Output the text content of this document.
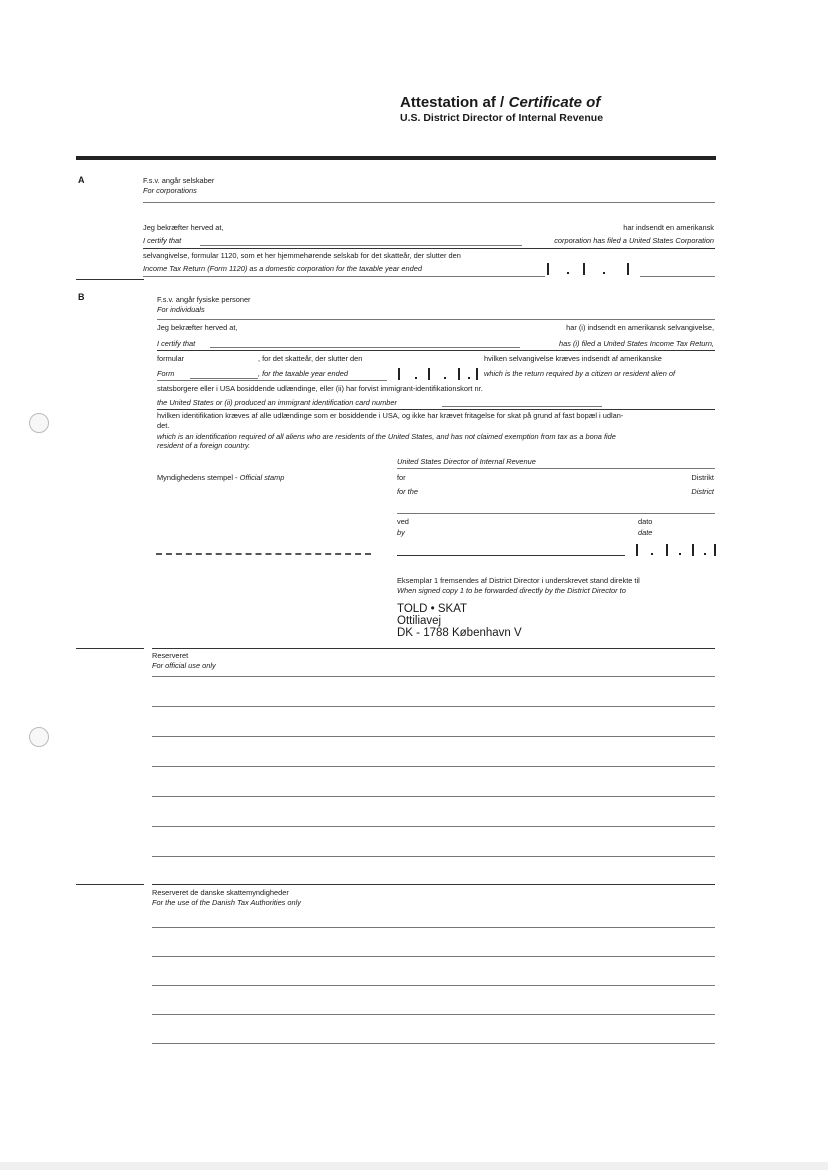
Attestation af / Certificate of
U.S. District Director of Internal Revenue
A	F.s.v. angår selskaber
For corporations
Jeg bekræfter herved at,
I certify that
har indsendt en amerikansk
corporation has filed a United States Corporation
selvangivelse, formular 1120, som et her hjemmehørende selskab for det skatteår, der slutter den
Income Tax Return (Form 1120) as a domestic corporation for the taxable year ended
B	F.s.v. angår fysiske personer
For individuals
Jeg bekræfter herved at,
I certify that
har (i) indsendt en amerikansk selvangivelse,
has (i) filed a United States Income Tax Return,
formular
Form
, for det skatteår, der slutter den
, for the taxable year ended
hvilken selvangivelse kræves indsendt af amerikanske
which is the return required by a citizen or resident alien of
statsborgere eller i USA bosiddende udlændinge, eller (ii) har forvist immigrant-identifikationskort nr.
the United States or (ii) produced an immigrant identification card number
hvilken identifikation kræves af alle udlændinge som er bosiddende i USA, og ikke har krævet fritagelse for skat på grund af fast bopæl i udlan-
det.
which is an identification required of all aliens who are residents of the United States, and has not claimed exemption from tax as a bona fide
resident of a foreign country.
United States Director of Internal Revenue
Myndighedens stempel - Official stamp	for
for the
Distrikt
District
ved
by
dato
date
Eksemplar 1 fremsendes af District Director i underskrevet stand direkte til
When signed copy 1 to be forwarded directly by the District Director to
TOLD • SKAT
Ottiliavej
DK - 1788 København V
Reserveret
For official use only
Reserveret de danske skattemyndigheder
For the use of the Danish Tax Authorities only
